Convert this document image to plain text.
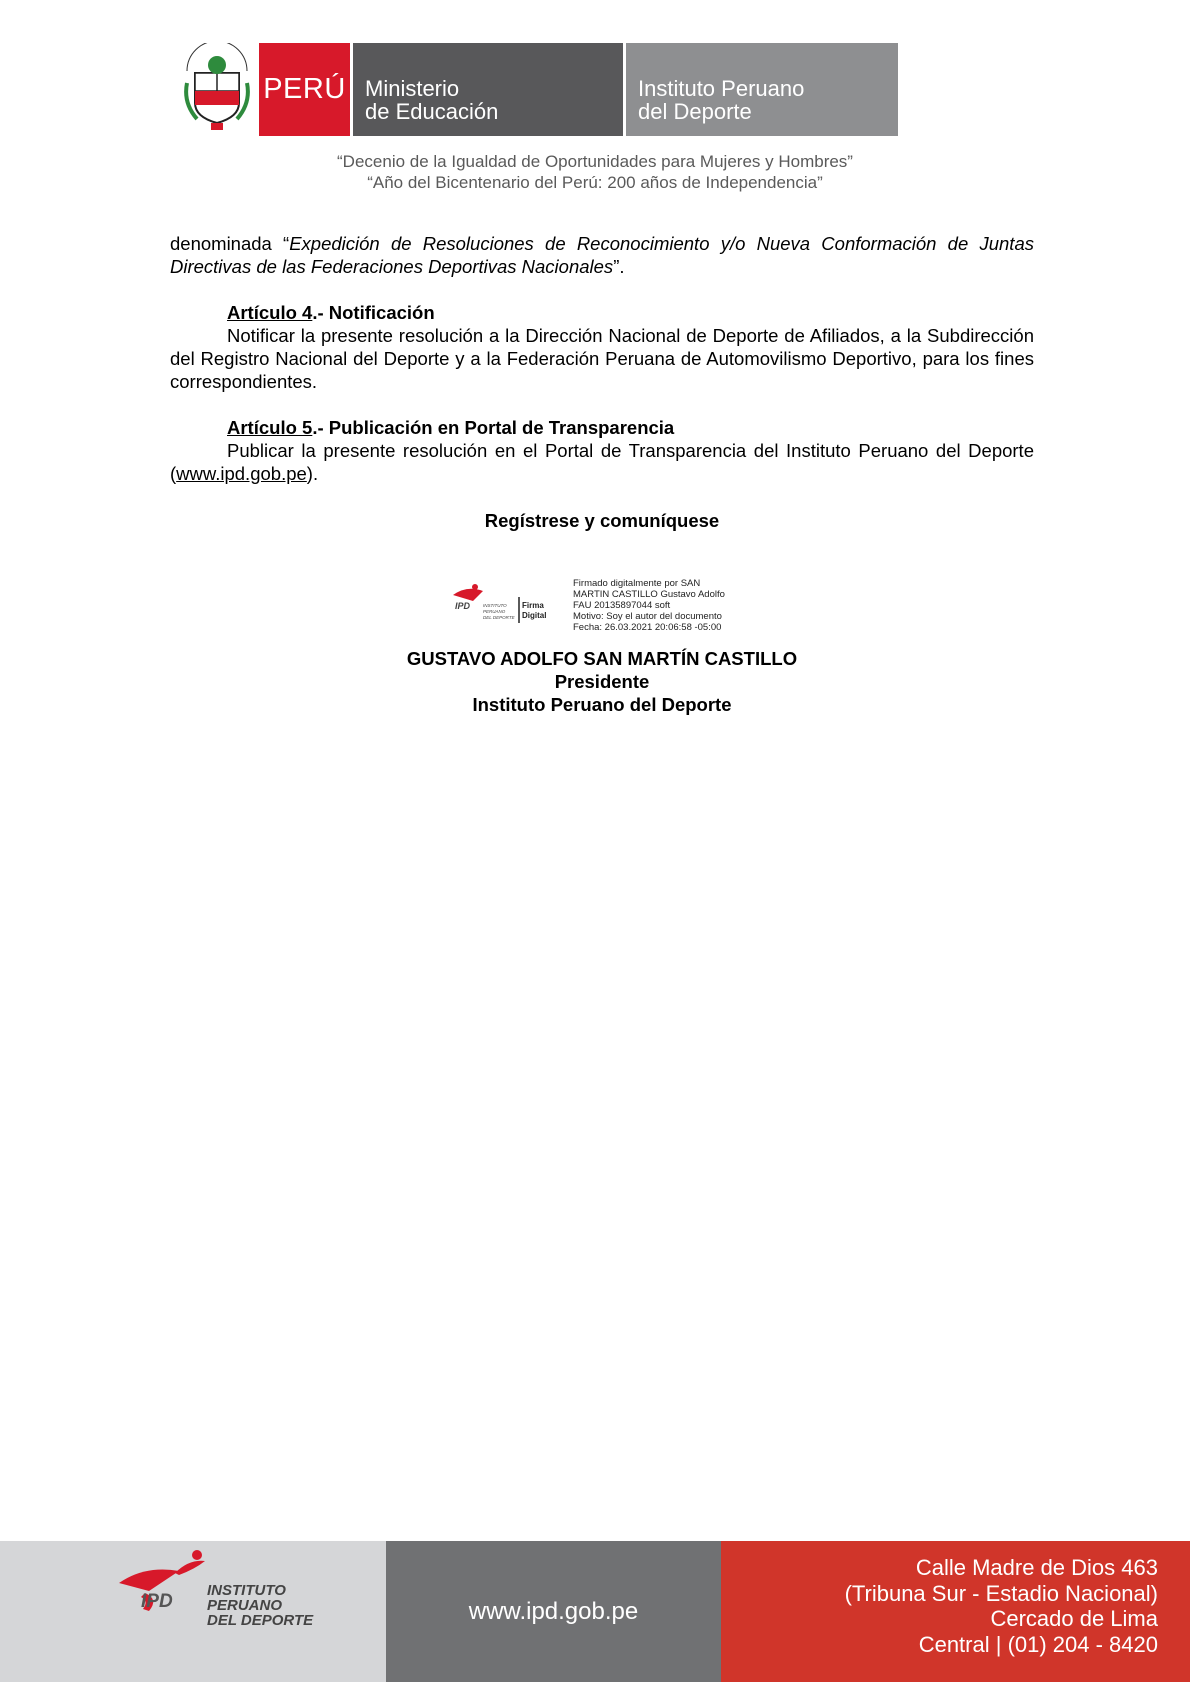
PERÚ Ministerio
de Educación
Instituto Peruano
del Deporte
“Decenio de la Igualdad de Oportunidades para Mujeres y Hombres”
“Año del Bicentenario del Perú: 200 años de Independencia”
denominada “Expedición de Resoluciones de Reconocimiento y/o Nueva Conformación de Juntas Directivas de las Federaciones Deportivas Nacionales”.
Artículo 4.- Notificación
Notificar la presente resolución a la Dirección Nacional de Deporte de Afiliados, a la Subdirección del Registro Nacional del Deporte y a la Federación Peruana de Automovilismo Deportivo, para los fines correspondientes.
Artículo 5.- Publicación en Portal de Transparencia
Publicar la presente resolución en el Portal de Transparencia del Instituto Peruano del Deporte (www.ipd.gob.pe).
Regístrese y comuníquese
IPD	INSTITUTO
PERUANO
DEL DEPORTE
Firma
Digital
Firmado digitalmente por SAN
MARTIN CASTILLO Gustavo Adolfo
FAU 20135897044 soft
Motivo: Soy el autor del documento
Fecha: 26.03.2021 20:06:58 -05:00
GUSTAVO ADOLFO SAN MARTÍN CASTILLO
Presidente
Instituto Peruano del Deporte
IPD
INSTITUTO
PERUANO
DEL DEPORTE	www.ipd.gob.pe
Calle Madre de Dios 463
(Tribuna Sur - Estadio Nacional)
Cercado de Lima
Central | (01) 204 - 8420
